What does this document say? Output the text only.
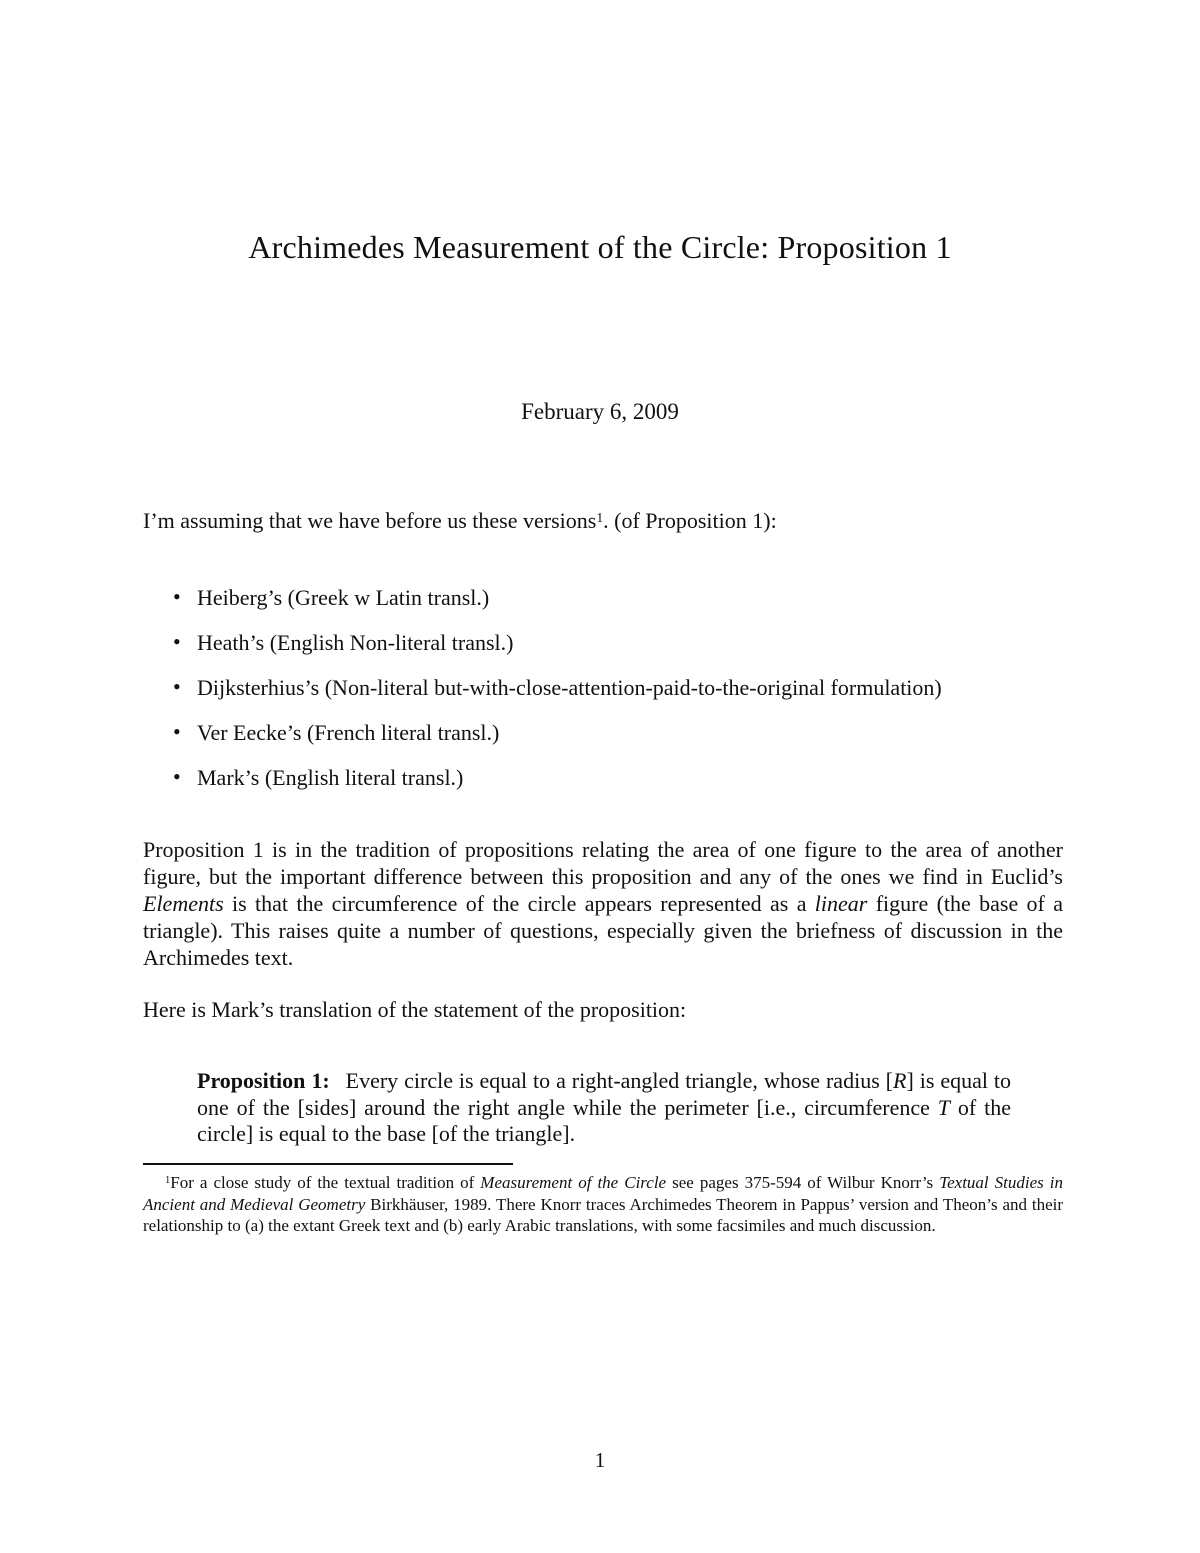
Archimedes Measurement of the Circle: Proposition 1
February 6, 2009
I’m assuming that we have before us these versions$^1$. (of Proposition 1):
• Heiberg’s (Greek w Latin transl.)
• Heath’s (English Non-literal transl.)
• Dijksterhius’s (Non-literal but-with-close-attention-paid-to-the-original formulation)
• Ver Eecke’s (French literal transl.)
• Mark’s (English literal transl.)
Proposition 1 is in the tradition of propositions relating the area of one figure to the area of another figure, but the important difference between this proposition and any of the ones we find in Euclid’s Elements is that the circumference of the circle appears represented as a linear figure (the base of a triangle). This raises quite a number of questions, especially given the briefness of discussion in the Archimedes text.
Here is Mark’s translation of the statement of the proposition:
Proposition 1: Every circle is equal to a right-angled triangle, whose radius [R] is equal to one of the [sides] around the right angle while the perimeter [i.e., circumference T of the circle] is equal to the base [of the triangle].
$^1$For a close study of the textual tradition of Measurement of the Circle see pages 375-594 of Wilbur Knorr’s Textual Studies in Ancient and Medieval Geometry Birkhäuser, 1989. There Knorr traces Archimedes Theorem in Pappus’ version and Theon’s and their relationship to (a) the extant Greek text and (b) early Arabic translations, with some facsimiles and much discussion.
1
